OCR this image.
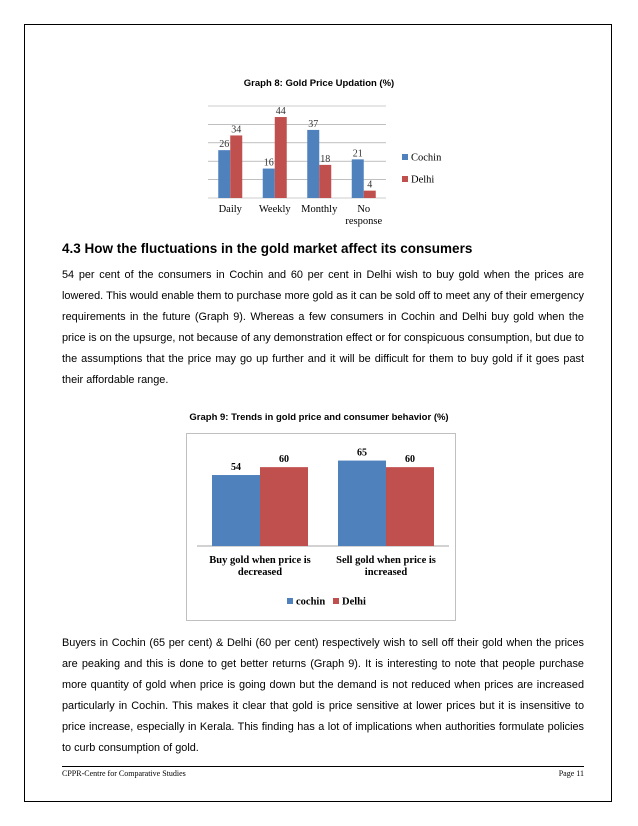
Graph 8: Gold Price Updation (%)
26
34
Daily
16
44
Weekly
37
18
Monthly
21
4
No
response
Cochin
Delhi
4.3 How the fluctuations in the gold market affect its consumers
54 per cent of the consumers in Cochin and 60 per cent in Delhi wish to buy gold when the prices are lowered. This would enable them to purchase more gold as it can be sold off to meet any of their emergency requirements in the future (Graph 9). Whereas a few consumers in Cochin and Delhi buy gold when the price is on the upsurge, not because of any demonstration effect or for conspicuous consumption, but due to the assumptions that the price may go up further and it will be difficult for them to buy gold if it goes past their affordable range.
Graph 9: Trends in gold price and consumer behavior (%)
54
60
Buy gold when price is
decreased
65
60
Sell gold when price is
increased
cochin Delhi
Buyers in Cochin (65 per cent) & Delhi (60 per cent) respectively wish to sell off their gold when the prices are peaking and this is done to get better returns (Graph 9). It is interesting to note that people purchase more quantity of gold when price is going down but the demand is not reduced when prices are increased particularly in Cochin. This makes it clear that gold is price sensitive at lower prices but it is insensitive to price increase, especially in Kerala. This finding has a lot of implications when authorities formulate policies to curb consumption of gold.
CPPR-Centre for Comparative Studies	Page 11
